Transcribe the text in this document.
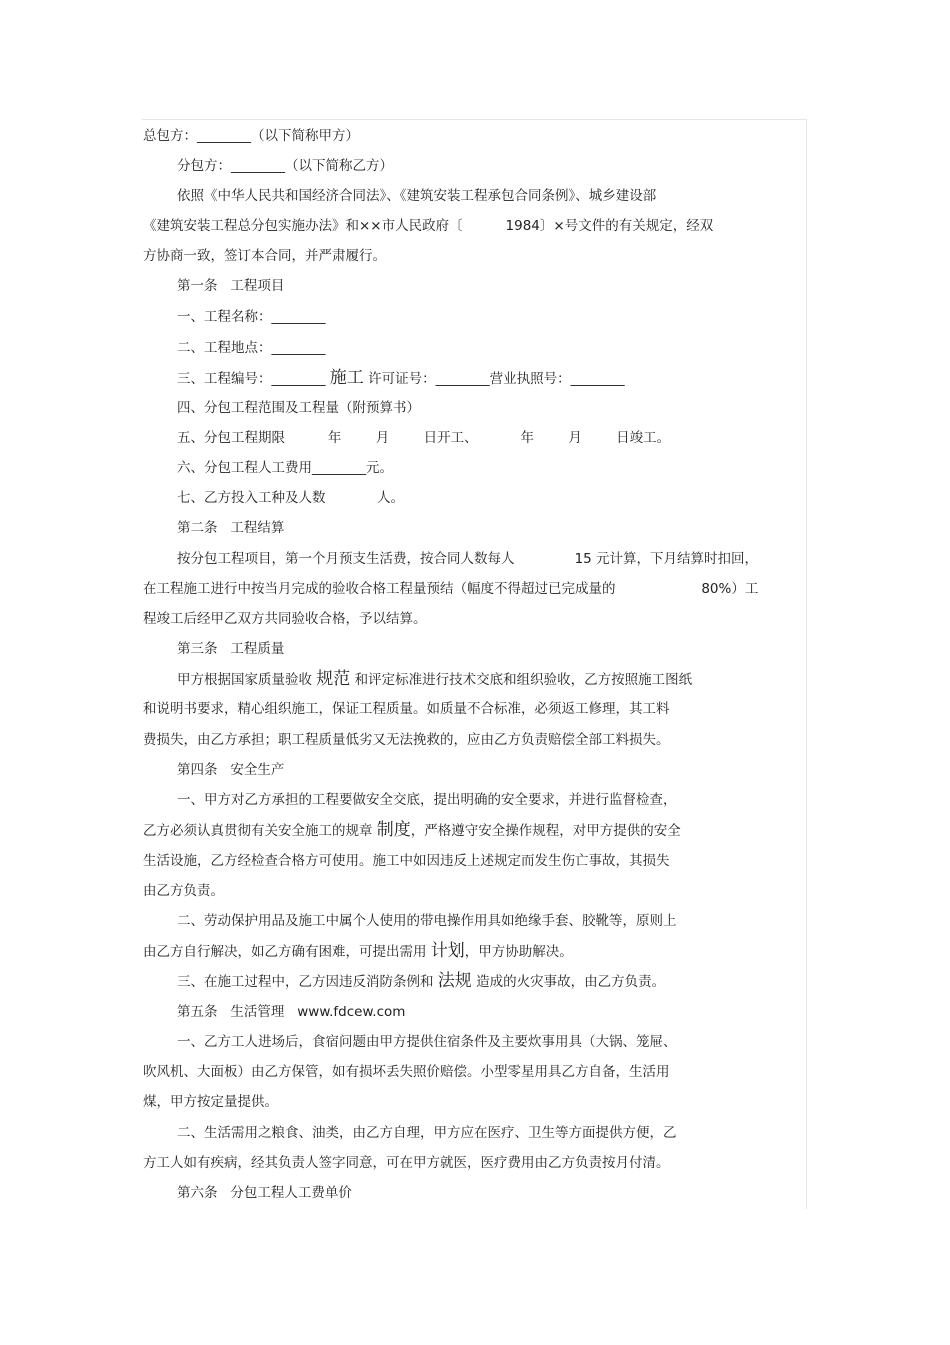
总包方：________（以下简称甲方）
分包方：________（以下简称乙方）
依照《中华人民共和国经济合同法》、《建筑安装工程承包合同条例》、城乡建设部
《建筑安装工程总分包实施办法》和××市人民政府〔          1984〕×号文件的有关规定，经双
方协商一致，签订本合同，并严肃履行。
第一条   工程项目
一、工程名称：________
二、工程地点：________
三、工程编号：________ 施工 许可证号：________营业执照号：________
四、分包工程范围及工程量（附预算书）
五、分包工程期限          年        月        日开工、          年        月        日竣工。
六、分包工程人工费用________元。
七、乙方投入工种及人数            人。
第二条   工程结算
按分包工程项目，第一个月预支生活费，按合同人数每人              15 元计算，下月结算时扣回，
在工程施工进行中按当月完成的验收合格工程量预结（幅度不得超过已完成量的                    80%）工
程竣工后经甲乙双方共同验收合格，予以结算。
第三条   工程质量
甲方根据国家质量验收 规范 和评定标准进行技术交底和组织验收，乙方按照施工图纸
和说明书要求，精心组织施工，保证工程质量。如质量不合标准，必须返工修理，其工料
费损失，由乙方承担；职工程质量低劣又无法挽救的，应由乙方负责赔偿全部工料损失。
第四条   安全生产
一、甲方对乙方承担的工程要做安全交底，提出明确的安全要求，并进行监督检查，
乙方必须认真贯彻有关安全施工的规章 制度，严格遵守安全操作规程，对甲方提供的安全
生活设施，乙方经检查合格方可使用。施工中如因违反上述规定而发生伤亡事故，其损失
由乙方负责。
二、劳动保护用品及施工中属个人使用的带电操作用具如绝缘手套、胶靴等，原则上
由乙方自行解决，如乙方确有困难，可提出需用 计划，甲方协助解决。
三、在施工过程中，乙方因违反消防条例和 法规 造成的火灾事故，由乙方负责。
第五条   生活管理   www.fdcew.com
一、乙方工人进场后，食宿问题由甲方提供住宿条件及主要炊事用具（大锅、笼屉、
吹风机、大面板）由乙方保管，如有损坏丢失照价赔偿。小型零星用具乙方自备，生活用
煤，甲方按定量提供。
二、生活需用之粮食、油类，由乙方自理，甲方应在医疗、卫生等方面提供方便，乙
方工人如有疾病，经其负责人签字同意，可在甲方就医，医疗费用由乙方负责按月付清。
第六条   分包工程人工费单价
